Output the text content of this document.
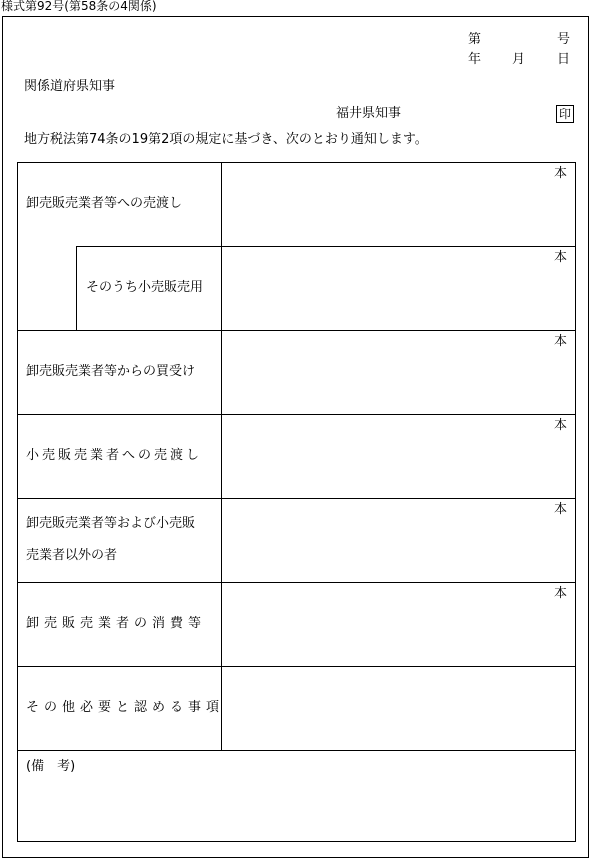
様式第92号(第58条の4関係)
第	号
年 月 日
関係道府県知事
福井県知事	印
地方税法第74条の19第2項の規定に基づき、次のとおり通知します。
卸売販売業者等への売渡し
本
そのうち小売販売用
本
卸売販売業者等からの買受け
本
小売販売業者への売渡し
本
卸売販売業者等および小売販
売業者以外の者
本
卸売販売業者の消費等
本
その他必要と認める事項
(備　考)
